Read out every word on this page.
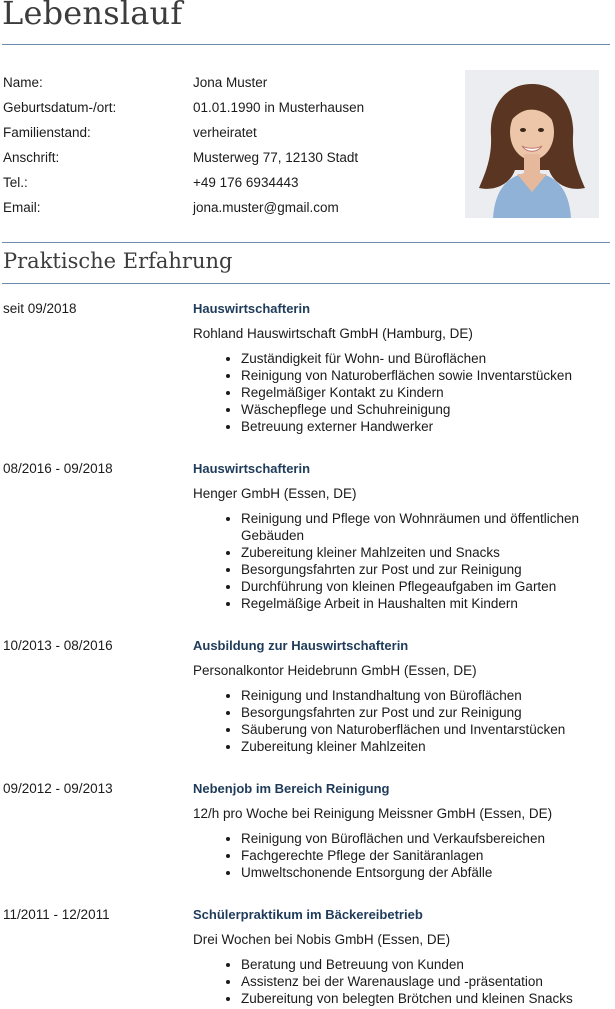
Lebenslauf
Name:	Jona Muster
Geburtsdatum-/ort:	01.01.1990 in Musterhausen
Familienstand:	verheiratet
Anschrift:	Musterweg 77, 12130 Stadt
Tel.:	+49 176 6934443
Email:	jona.muster@gmail.com
Praktische Erfahrung
seit 09/2018	Hauswirtschafterin
Rohland Hauswirtschaft GmbH (Hamburg, DE)
• Zuständigkeit für Wohn- und Büroflächen
• Reinigung von Naturoberflächen sowie Inventarstücken
• Regelmäßiger Kontakt zu Kindern
• Wäschepflege und Schuhreinigung
• Betreuung externer Handwerker
08/2016 - 09/2018	Hauswirtschafterin
Henger GmbH (Essen, DE)
• Reinigung und Pflege von Wohnräumen und öffentlichen Gebäuden
• Zubereitung kleiner Mahlzeiten und Snacks
• Besorgungsfahrten zur Post und zur Reinigung
• Durchführung von kleinen Pflegeaufgaben im Garten
• Regelmäßige Arbeit in Haushalten mit Kindern
10/2013 - 08/2016	Ausbildung zur Hauswirtschafterin
Personalkontor Heidebrunn GmbH (Essen, DE)
• Reinigung und Instandhaltung von Büroflächen
• Besorgungsfahrten zur Post und zur Reinigung
• Säuberung von Naturoberflächen und Inventarstücken
• Zubereitung kleiner Mahlzeiten
09/2012 - 09/2013	Nebenjob im Bereich Reinigung
12/h pro Woche bei Reinigung Meissner GmbH (Essen, DE)
• Reinigung von Büroflächen und Verkaufsbereichen
• Fachgerechte Pflege der Sanitäranlagen
• Umweltschonende Entsorgung der Abfälle
11/2011 - 12/2011	Schülerpraktikum im Bäckereibetrieb
Drei Wochen bei Nobis GmbH (Essen, DE)
• Beratung und Betreuung von Kunden
• Assistenz bei der Warenauslage und -präsentation
• Zubereitung von belegten Brötchen und kleinen Snacks
